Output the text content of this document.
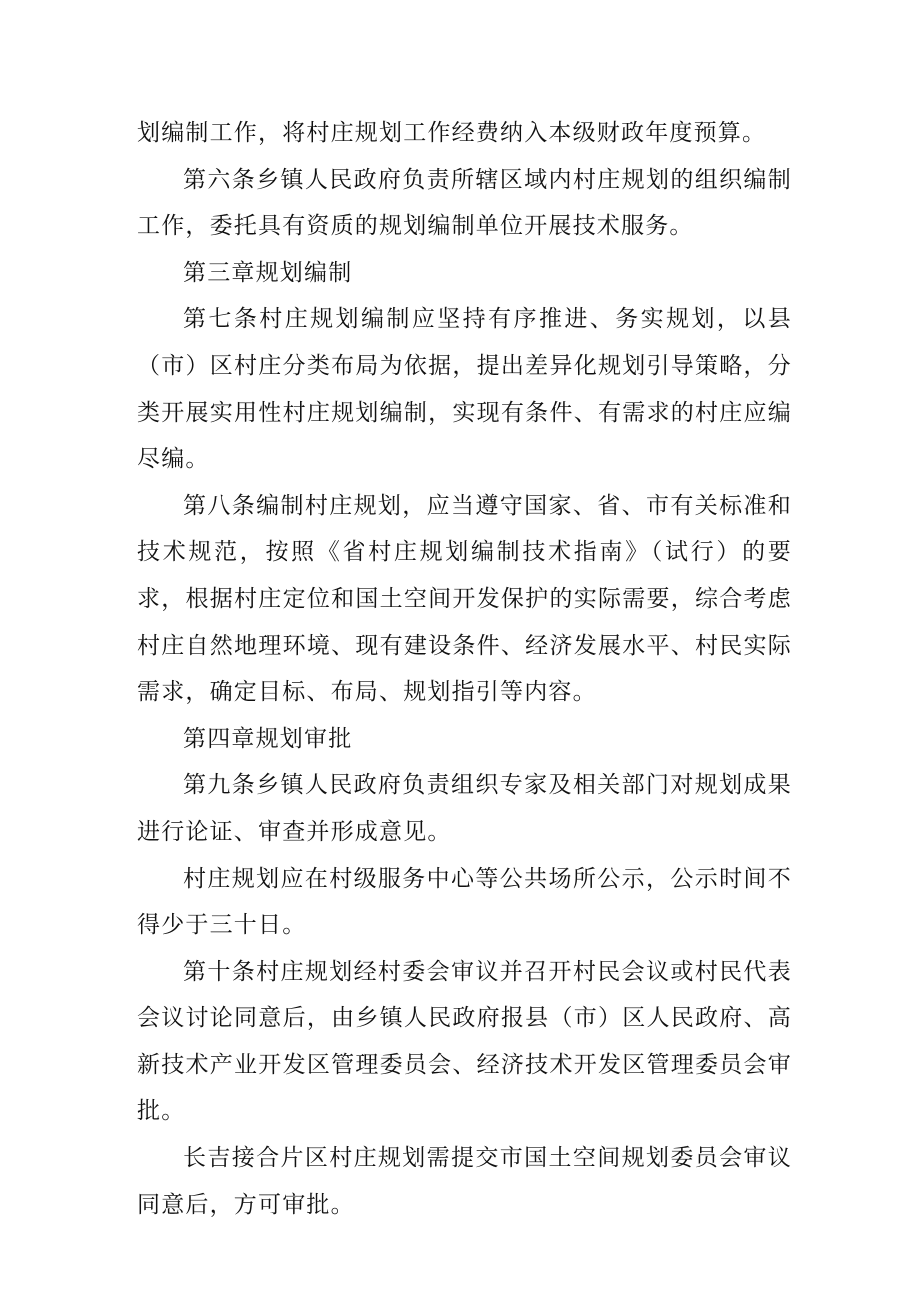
划编制工作，将村庄规划工作经费纳入本级财政年度预算。

第六条乡镇人民政府负责所辖区域内村庄规划的组织编制工作，委托具有资质的规划编制单位开展技术服务。

第三章规划编制

第七条村庄规划编制应坚持有序推进、务实规划，以县（市）区村庄分类布局为依据，提出差异化规划引导策略，分类开展实用性村庄规划编制，实现有条件、有需求的村庄应编尽编。

第八条编制村庄规划，应当遵守国家、省、市有关标准和技术规范，按照《省村庄规划编制技术指南》（试行）的要求，根据村庄定位和国土空间开发保护的实际需要，综合考虑村庄自然地理环境、现有建设条件、经济发展水平、村民实际需求，确定目标、布局、规划指引等内容。

第四章规划审批

第九条乡镇人民政府负责组织专家及相关部门对规划成果进行论证、审查并形成意见。

村庄规划应在村级服务中心等公共场所公示，公示时间不得少于三十日。

第十条村庄规划经村委会审议并召开村民会议或村民代表会议讨论同意后，由乡镇人民政府报县（市）区人民政府、高新技术产业开发区管理委员会、经济技术开发区管理委员会审批。

长吉接合片区村庄规划需提交市国土空间规划委员会审议同意后，方可审批。
